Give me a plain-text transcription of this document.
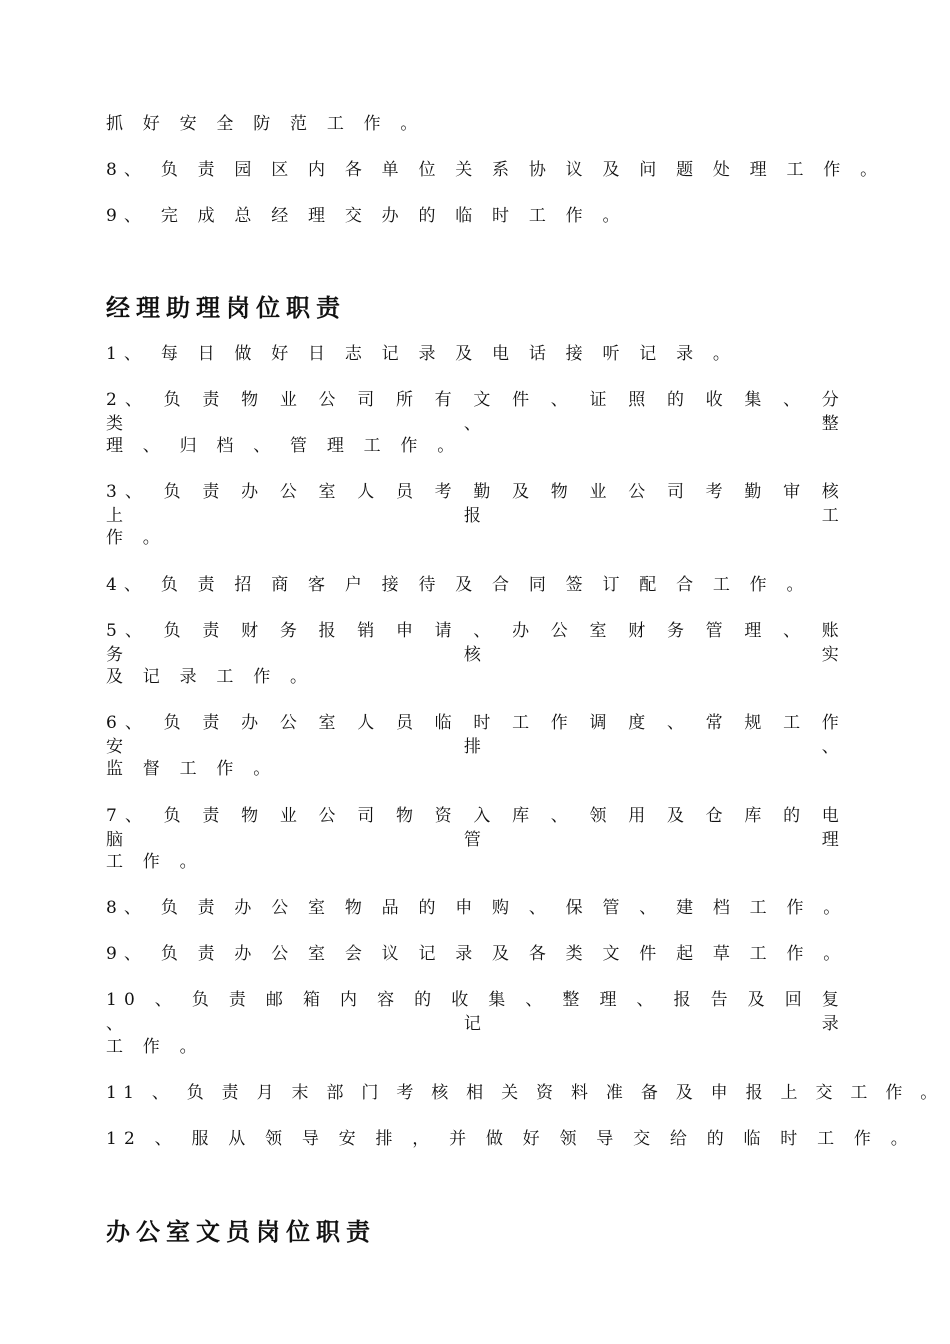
抓 好 安 全 防 范 工 作 。
8、 负 责 园 区 内 各 单 位 关 系 协 议 及 问 题 处 理 工 作 。
9、 完 成 总 经 理 交 办 的 临 时 工 作 。
经理助理岗位职责
1、 每 日 做 好 日 志 记 录 及 电 话 接 听 记 录 。
2、 负 责 物 业 公 司 所 有 文 件 、 证 照 的 收 集 、 分 类 、 整
理 、 归 档 、 管 理 工 作 。
3、 负 责 办 公 室 人 员 考 勤 及 物 业 公 司 考 勤 审 核 上 报 工
作 。
4、 负 责 招 商 客 户 接 待 及 合 同 签 订 配 合 工 作 。
5、 负 责 财 务 报 销 申 请 、 办 公 室 财 务 管 理 、 账 务 核 实
及 记 录 工 作 。
6、 负 责 办 公 室 人 员 临 时 工 作 调 度 、 常 规 工 作 安 排 、
监 督 工 作 。
7、 负 责 物 业 公 司 物 资 入 库 、 领 用 及 仓 库 的 电 脑 管 理
工 作 。
8、 负 责 办 公 室 物 品 的 申 购 、 保 管 、 建 档 工 作 。
9、 负 责 办 公 室 会 议 记 录 及 各 类 文 件 起 草 工 作 。
10 、 负 责 邮 箱 内 容 的 收 集 、 整 理 、 报 告 及 回 复 、 记 录
工 作 。
11 、 负 责 月 末 部 门 考 核 相 关 资 料 准 备 及 申 报 上 交 工 作 。
12 、 服 从 领 导 安 排 ， 并 做 好 领 导 交 给 的 临 时 工 作 。
办公室文员岗位职责
